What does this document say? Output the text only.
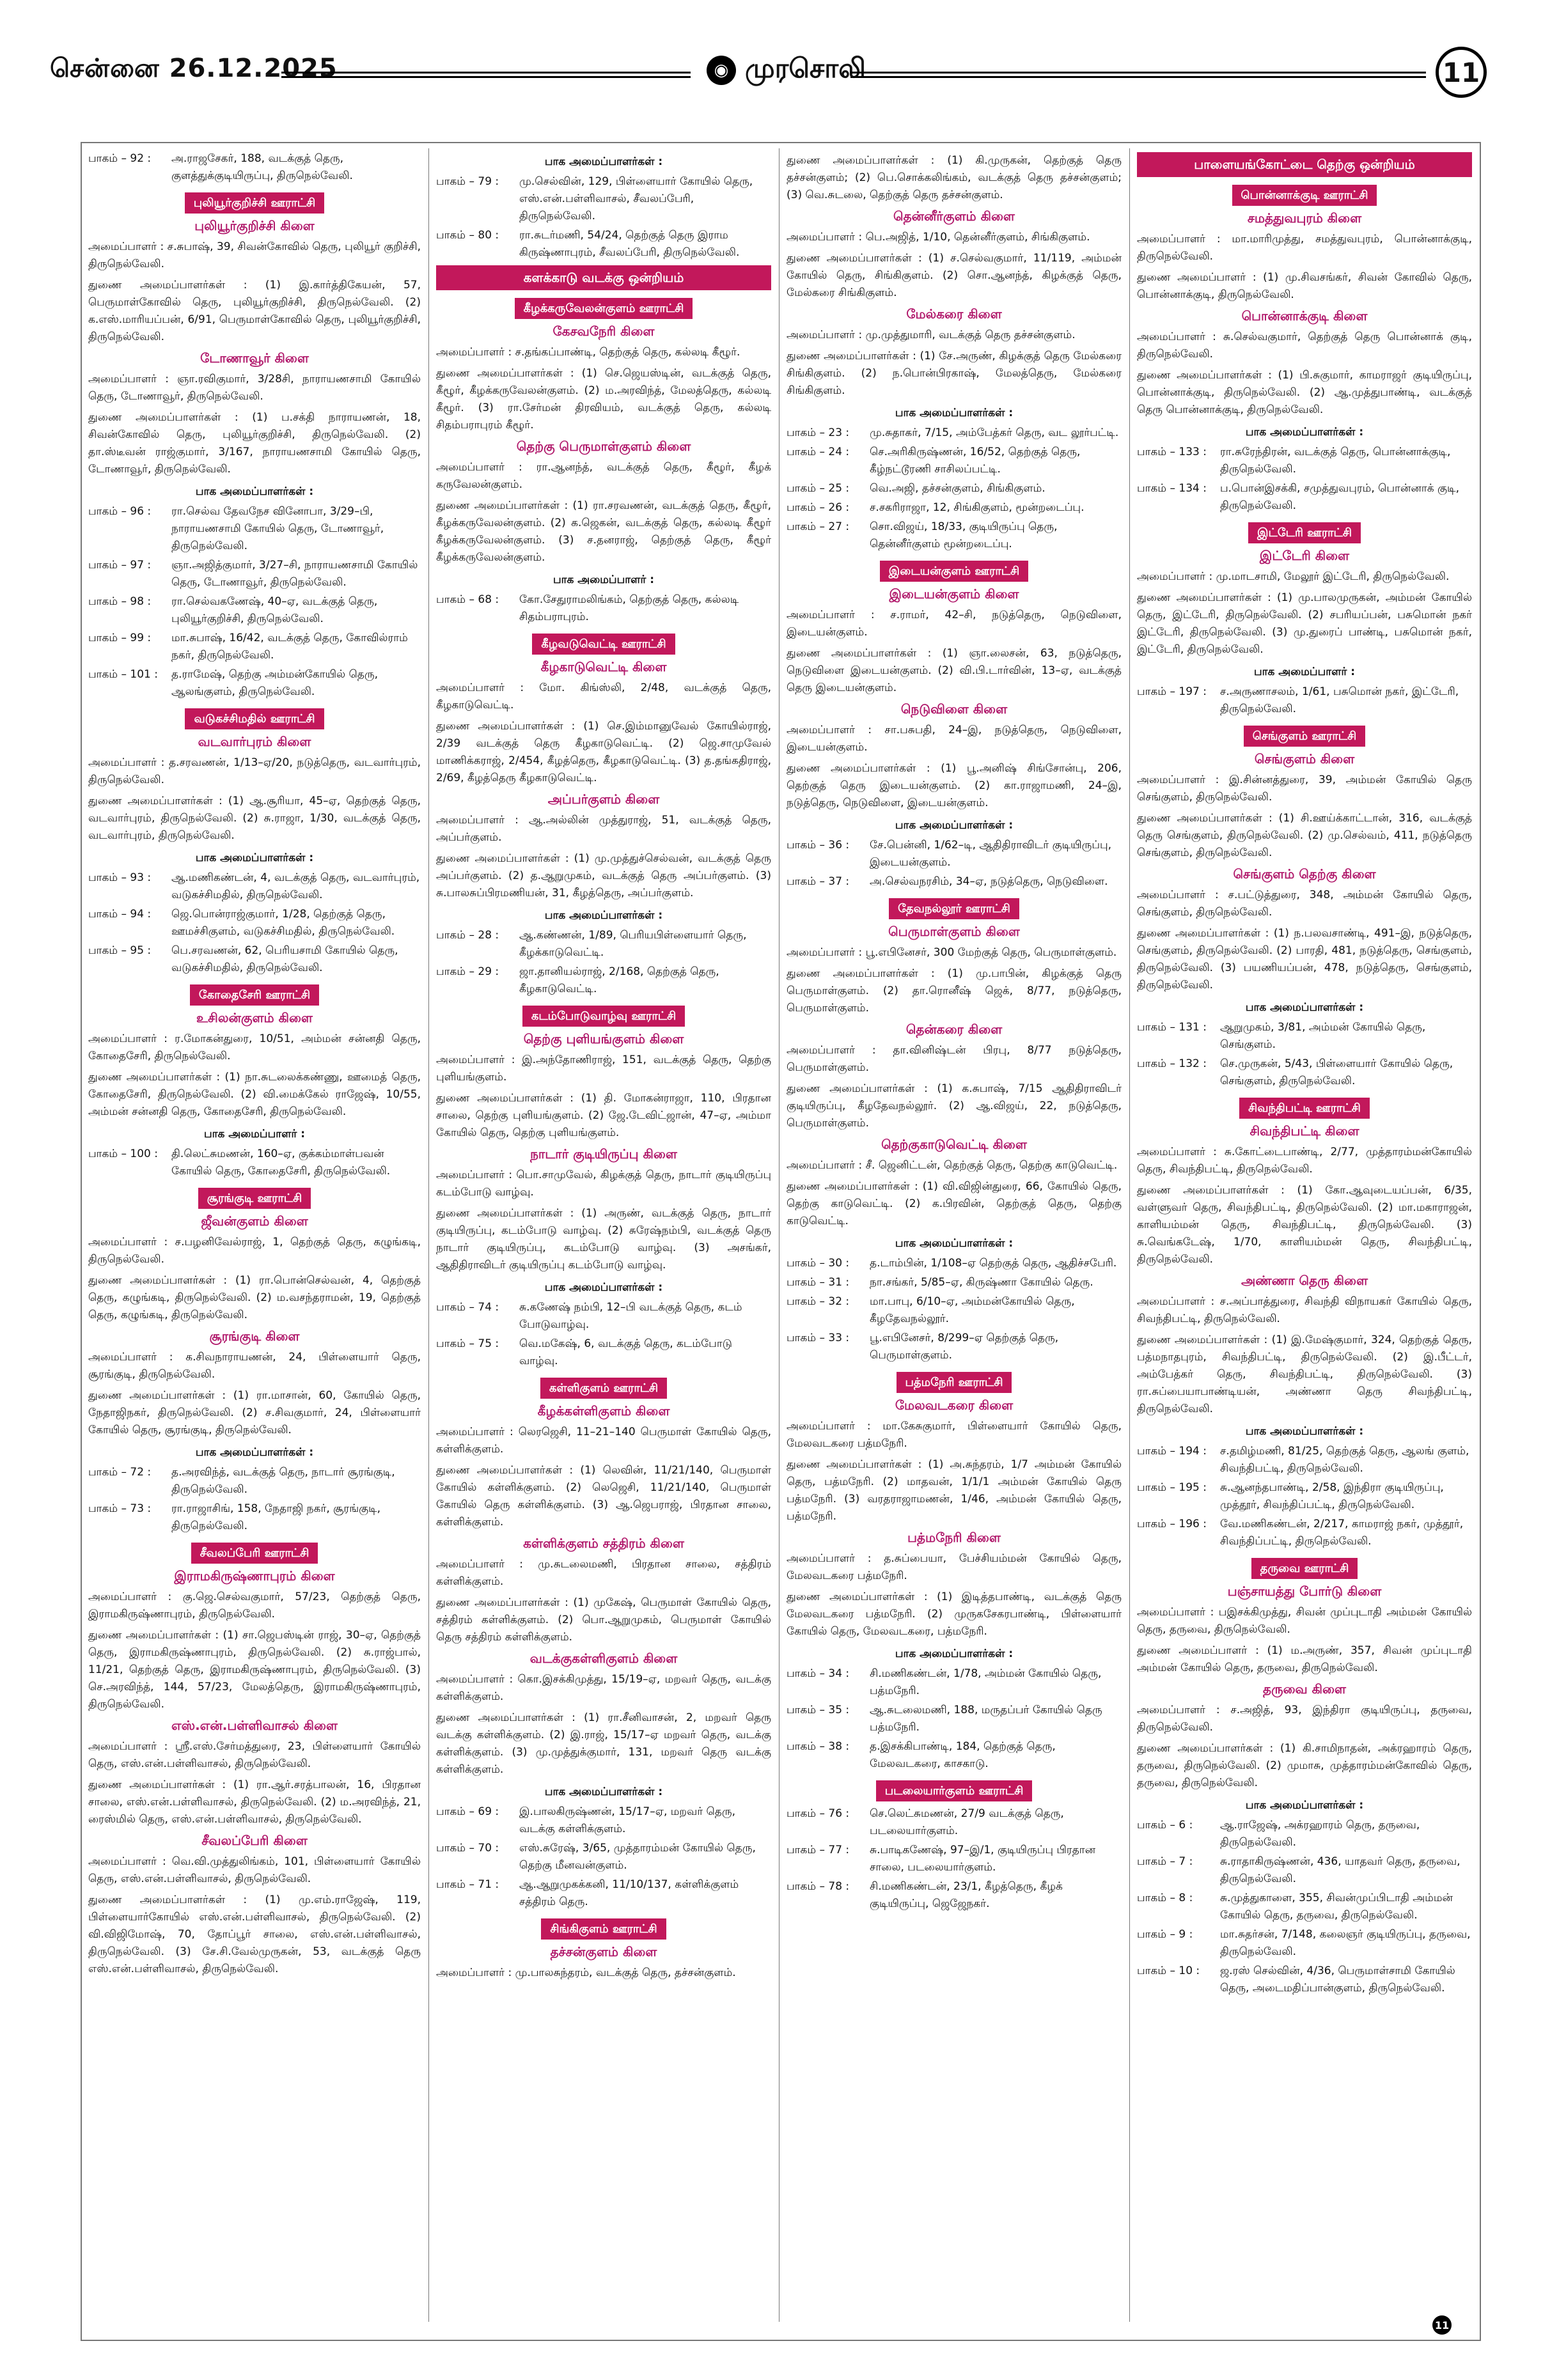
சென்னை 26.12.2025	◉ முரசொலி	11
பாகம் – 92 :	அ.ராஜசேகர், 188, வடக்குத் தெரு, குளத்துக்குடியிருப்பு, திருநெல்வேலி.
புலியூர்குறிச்சி ஊராட்சி
புலியூர்குறிச்சி கிளை
அமைப்பாளர் : ச.சுபாஷ், 39, சிவன்கோவில் தெரு, புலியூர் குறிச்சி, திருநெல்வேலி.
துணை அமைப்பாளர்கள் : (1) இ.கார்த்திகேயன், 57, பெருமாள்கோவில் தெரு, புலியூர்குறிச்சி, திருநெல்வேலி. (2) க.எஸ்.மாரியப்பன், 6/91, பெருமாள்கோவில் தெரு, புலியூர்குறிச்சி, திருநெல்வேலி.
டோணாவூர் கிளை
அமைப்பாளர் : ஞா.ரவிகுமார், 3/28சி, நாராயணசாமி கோயில் தெரு, டோணாவூர், திருநெல்வேலி.
துணை அமைப்பாளர்கள் : (1) ப.சக்தி நாராயணன், 18, சிவன்கோவில் தெரு, புலியூர்குறிச்சி, திருநெல்வேலி. (2) தா.ஸ்டீவன் ராஜ்குமார், 3/167, நாராயணசாமி கோயில் தெரு, டோணாவூர், திருநெல்வேலி.
பாக அமைப்பாளர்கள் :
பாகம் – 96 :	ரா.செல்வ தேவநேச வினோபா, 3/29–பி, நாராயணசாமி கோயில் தெரு, டோணாவூர், திருநெல்வேலி.
பாகம் – 97 :	ஞா.அஜித்குமார், 3/27–சி, நாராயணசாமி கோயில் தெரு, டோணாவூர், திருநெல்வேலி.
பாகம் – 98 :	ரா.செல்வகணேஷ், 40–ஏ, வடக்குத் தெரு, புலியூர்குறிச்சி, திருநெல்வேலி.
பாகம் – 99 :	மா.சுபாஷ், 16/42, வடக்குத் தெரு, கோவில்ராம் நகர், திருநெல்வேலி.
பாகம் – 101 :	த.ராமேஷ், தெற்கு அம்மன்கோயில் தெரு, ஆலங்குளம், திருநெல்வேலி.
வடுகச்சிமதில் ஊராட்சி
வடவார்புரம் கிளை
அமைப்பாளர் : த.சரவணன், 1/13–ஏ/20, நடுத்தெரு, வடவார்புரம், திருநெல்வேலி.
துணை அமைப்பாளர்கள் : (1) ஆ.சூரியா, 45–ஏ, தெற்குத் தெரு, வடவார்புரம், திருநெல்வேலி. (2) சு.ராஜா, 1/30, வடக்குத் தெரு, வடவார்புரம், திருநெல்வேலி.
பாக அமைப்பாளர்கள் :
பாகம் – 93 :	ஆ.மணிகண்டன், 4, வடக்குத் தெரு, வடவார்புரம், வடுகச்சிமதில், திருநெல்வேலி.
பாகம் – 94 :	ஜெ.பொன்ராஜ்குமார், 1/28, தெற்குத் தெரு, ஊமச்சிகுளம், வடுகச்சிமதில், திருநெல்வேலி.
பாகம் – 95 :	பெ.சரவணன், 62, பெரியசாமி கோயில் தெரு, வடுகச்சிமதில், திருநெல்வேலி.
கோதைசேரி ஊராட்சி
உசிலன்குளம் கிளை
அமைப்பாளர் : ர.மோகன்துரை, 10/51, அம்மன் சன்னதி தெரு, கோதைசேரி, திருநெல்வேலி.
துணை அமைப்பாளர்கள் : (1) நா.சுடலைக்கண்ணு, ஊமைத் தெரு, கோதைசேரி, திருநெல்வேலி. (2) வி.மைக்கேல் ராஜேஷ், 10/55, அம்மன் சன்னதி தெரு, கோதைசேரி, திருநெல்வேலி.
பாக அமைப்பாளர் :
பாகம் – 100 :	தி.லெட்சுமணன், 160–ஏ, குக்கம்மாள்பவன் கோயில் தெரு, கோதைசேரி, திருநெல்வேலி.
சூரங்குடி ஊராட்சி
ஜீவன்குளம் கிளை
அமைப்பாளர் : ச.பழனிவேல்ராஜ், 1, தெற்குத் தெரு, கழுங்கடி, திருநெல்வேலி.
துணை அமைப்பாளர்கள் : (1) ரா.பொன்செல்வன், 4, தெற்குத் தெரு, கழுங்கடி, திருநெல்வேலி. (2) ம.வசந்தராமன், 19, தெற்குத் தெரு, கழுங்கடி, திருநெல்வேலி.
சூரங்குடி கிளை
அமைப்பாளர் : க.சிவநாராயணன், 24, பிள்ளையார் தெரு, சூரங்குடி, திருநெல்வேலி.
துணை அமைப்பாளர்கள் : (1) ரா.மாசான், 60, கோயில் தெரு, நேதாஜிநகர், திருநெல்வேலி. (2) ச.சிவகுமார், 24, பிள்ளையார் கோயில் தெரு, சூரங்குடி, திருநெல்வேலி.
பாக அமைப்பாளர்கள் :
பாகம் – 72 :	த.அரவிந்த், வடக்குத் தெரு, நாடார் சூரங்குடி, திருநெல்வேலி.
பாகம் – 73 :	ரா.ராஜாசிங், 158, நேதாஜி நகர், சூரங்குடி, திருநெல்வேலி.
சீவலப்பேரி ஊராட்சி
இராமகிருஷ்ணாபுரம் கிளை
அமைப்பாளர் : கு.ஜெ.செல்வகுமார், 57/23, தெற்குத் தெரு, இராமகிருஷ்ணாபுரம், திருநெல்வேலி.
துணை அமைப்பாளர்கள் : (1) சா.ஜெபஸ்டின் ராஜ், 30–ஏ, தெற்குத் தெரு, இராமகிருஷ்ணாபுரம், திருநெல்வேலி. (2) சு.ராஜ்பால், 11/21, தெற்குத் தெரு, இராமகிருஷ்ணாபுரம், திருநெல்வேலி. (3) செ.அரவிந்த், 144, 57/23, மேலத்தெரு, இராமகிருஷ்ணாபுரம், திருநெல்வேலி.
எஸ்.என்.பள்ளிவாசல் கிளை
அமைப்பாளர் : ஸ்ரீ.எஸ்.சேர்மத்துரை, 23, பிள்ளையார் கோயில் தெரு, எஸ்.என்.பள்ளிவாசல், திருநெல்வேலி.
துணை அமைப்பாளர்கள் : (1) ரா.ஆர்.சரத்பாலன், 16, பிரதான சாலை, எஸ்.என்.பள்ளிவாசல், திருநெல்வேலி. (2) ம.அரவிந்த், 21, ரைஸ்மில் தெரு, எஸ்.என்.பள்ளிவாசல், திருநெல்வேலி.
சீவலப்பேரி கிளை
அமைப்பாளர் : வெ.வி.முத்துலிங்கம், 101, பிள்ளையார் கோயில் தெரு, எஸ்.என்.பள்ளிவாசல், திருநெல்வேலி.
துணை அமைப்பாளர்கள் : (1) மு.எம்.ராஜேஷ், 119, பிள்ளையார்கோயில் எஸ்.என்.பள்ளிவாசல், திருநெல்வேலி. (2) வி.விஜிமோஷ், 70, தோப்பூர் சாலை, எஸ்.என்.பள்ளிவாசல், திருநெல்வேலி. (3) சே.சி.வேல்முருகன், 53, வடக்குத் தெரு எஸ்.என்.பள்ளிவாசல், திருநெல்வேலி.
பாக அமைப்பாளர்கள் :
பாகம் – 79 :	மு.செல்வின், 129, பிள்ளையார் கோயில் தெரு, எஸ்.என்.பள்ளிவாசல், சீவலப்பேரி, திருநெல்வேலி.
பாகம் – 80 :	ரா.சுடர்மணி, 54/24, தெற்குத் தெரு இராம கிருஷ்ணாபுரம், சீவலப்பேரி, திருநெல்வேலி.
களக்காடு வடக்கு ஒன்றியம்
கீழக்கருவேலன்குளம் ஊராட்சி
கேசவநேரி கிளை
அமைப்பாளர் : ச.தங்கப்பாண்டி, தெற்குத் தெரு, கல்லடி கீழூர்.
துணை அமைப்பாளர்கள் : (1) செ.ஜெயஸ்டின், வடக்குத் தெரு, கீழூர், கீழக்கருவேலன்குளம். (2) ம.அரவிந்த், மேலத்தெரு, கல்லடி கீழூர். (3) ரா.சேர்மன் திரவியம், வடக்குத் தெரு, கல்லடி சிதம்பராபுரம் கீழூர்.
தெற்கு பெருமாள்குளம் கிளை
அமைப்பாளர் : ரா.ஆனந்த், வடக்குத் தெரு, கீழூர், கீழக் கருவேலன்குளம்.
துணை அமைப்பாளர்கள் : (1) ரா.சரவணன், வடக்குத் தெரு, கீழூர், கீழக்கருவேலன்குளம். (2) க.ஜெகன், வடக்குத் தெரு, கல்லடி கீழூர் கீழக்கருவேலன்குளம். (3) ச.தனராஜ், தெற்குத் தெரு, கீழூர் கீழக்கருவேலன்குளம்.
பாக அமைப்பாளர் :
பாகம் – 68 :	கோ.சேதுராமலிங்கம், தெற்குத் தெரு, கல்லடி சிதம்பராபுரம்.
கீழவடுவெட்டி ஊராட்சி
கீழகாடுவெட்டி கிளை
அமைப்பாளர் : மோ. கிங்ஸ்லி, 2/48, வடக்குத் தெரு, கீழகாடுவெட்டி.
துணை அமைப்பாளர்கள் : (1) செ.இம்மானுவேல் கோயில்ராஜ், 2/39 வடக்குத் தெரு கீழகாடுவெட்டி. (2) ஜெ.சாமுவேல் மாணிக்கராஜ், 2/454, கீழத்தெரு, கீழகாடுவெட்டி. (3) த.தங்கதிராஜ், 2/69, கீழத்தெரு கீழகாடுவெட்டி.
அப்பர்குளம் கிளை
அமைப்பாளர் : ஆ.அல்லின் முத்துராஜ், 51, வடக்குத் தெரு, அப்பர்குளம்.
துணை அமைப்பாளர்கள் : (1) மு.முத்துச்செல்வன், வடக்குத் தெரு அப்பர்குளம். (2) த.ஆறுமுகம், வடக்குத் தெரு அப்பர்குளம். (3) சு.பாலசுப்பிரமணியன், 31, கீழத்தெரு, அப்பர்குளம்.
பாக அமைப்பாளர்கள் :
பாகம் – 28 :	ஆ.கண்ணன், 1/89, பெரியபிள்ளையார் தெரு, கீழக்காடுவெட்டி.
பாகம் – 29 :	ஜா.தானியல்ராஜ், 2/168, தெற்குத் தெரு, கீழகாடுவெட்டி.
கடம்போடுவாழ்வு ஊராட்சி
தெற்கு புளியங்குளம் கிளை
அமைப்பாளர் : இ.அந்தோணிராஜ், 151, வடக்குத் தெரு, தெற்கு புளியங்குளம்.
துணை அமைப்பாளர்கள் : (1) தி. மோகன்ராஜா, 110, பிரதான சாலை, தெற்கு புளியங்குளம். (2) ஜே.டேவிட்ஜான், 47–ஏ, அம்மா கோயில் தெரு, தெற்கு புளியங்குளம்.
நாடார் குடியிருப்பு கிளை
அமைப்பாளர் : பொ.சாமுவேல், கிழக்குத் தெரு, நாடார் குடியிருப்பு கடம்போடு வாழ்வு.
துணை அமைப்பாளர்கள் : (1) அருண், வடக்குத் தெரு, நாடார் குடியிருப்பு, கடம்போடு வாழ்வு. (2) சுரேஷ்நம்பி, வடக்குத் தெரு நாடார் குடியிருப்பு, கடம்போடு வாழ்வு. (3) அசங்கர், ஆதிதிராவிடர் குடியிருப்பு கடம்போடு வாழ்வு.
பாக அமைப்பாளர்கள் :
பாகம் – 74 :	சு.கணேஷ் நம்பி, 12–பி வடக்குத் தெரு, கடம் போடுவாழ்வு.
பாகம் – 75 :	வெ.மகேஷ், 6, வடக்குத் தெரு, கடம்போடு வாழ்வு.
கள்ளிகுளம் ஊராட்சி
கீழக்கள்ளிகுளம் கிளை
அமைப்பாளர் : லெரஜெசி, 11–21–140 பெருமாள் கோயில் தெரு, கள்ளிக்குளம்.
துணை அமைப்பாளர்கள் : (1) லெவின், 11/21/140, பெருமாள் கோயில் கள்ளிக்குளம். (2) லெஜெசி, 11/21/140, பெருமாள் கோயில் தெரு கள்ளிக்குளம். (3) ஆ.ஜெபராஜ், பிரதான சாலை, கள்ளிக்குளம்.
கள்ளிக்குளம் சத்திரம் கிளை
அமைப்பாளர் : மு.சுடலைமணி, பிரதான சாலை, சத்திரம் கள்ளிக்குளம்.
துணை அமைப்பாளர்கள் : (1) முகேஷ், பெருமாள் கோயில் தெரு, சத்திரம் கள்ளிக்குளம். (2) பொ.ஆறுமுகம், பெருமாள் கோயில் தெரு சத்திரம் கள்ளிக்குளம்.
வடக்குகள்ளிகுளம் கிளை
அமைப்பாளர் : கொ.இசக்கிமுத்து, 15/19–ஏ, மறவர் தெரு, வடக்கு கள்ளிக்குளம்.
துணை அமைப்பாளர்கள் : (1) ரா.சீனிவாசன், 2, மறவர் தெரு வடக்கு கள்ளிக்குளம். (2) இ.ராஜ், 15/17–ஏ மறவர் தெரு, வடக்கு கள்ளிக்குளம். (3) மு.முத்துக்குமார், 131, மறவர் தெரு வடக்கு கள்ளிக்குளம்.
பாக அமைப்பாளர்கள் :
பாகம் – 69 :	இ.பாலகிருஷ்ணன், 15/17–ஏ, மறவர் தெரு, வடக்கு கள்ளிக்குளம்.
பாகம் – 70 :	எஸ்.சுரேஷ், 3/65, முத்தாரம்மன் கோயில் தெரு, தெற்கு மீனவன்குளம்.
பாகம் – 71 :	ஆ.ஆறுமுகக்கனி, 11/10/137, கள்ளிக்குளம் சத்திரம் தெரு.
சிங்கிகுளம் ஊராட்சி
தச்சன்குளம் கிளை
அமைப்பாளர் : மு.பாலசுந்தரம், வடக்குத் தெரு, தச்சன்குளம்.
துணை அமைப்பாளர்கள் : (1) கி.முருகன், தெற்குத் தெரு தச்சன்குளம்; (2) பெ.சொக்கலிங்கம், வடக்குத் தெரு தச்சன்குளம்; (3) வெ.சுடலை, தெற்குத் தெரு தச்சன்குளம்.
தென்னீர்குளம் கிளை
அமைப்பாளர் : பெ.அஜித், 1/10, தென்னீர்குளம், சிங்கிகுளம்.
துணை அமைப்பாளர்கள் : (1) ச.செல்வகுமார், 11/119, அம்மன் கோயில் தெரு, சிங்கிகுளம். (2) சொ.ஆனந்த், கிழக்குத் தெரு, மேல்கரை சிங்கிகுளம்.
மேல்கரை கிளை
அமைப்பாளர் : மு.முத்துமாரி, வடக்குத் தெரு தச்சன்குளம்.
துணை அமைப்பாளர்கள் : (1) சே.அருண், கிழக்குத் தெரு மேல்கரை சிங்கிகுளம். (2) ந.பொன்பிரகாஷ், மேலத்தெரு, மேல்கரை சிங்கிகுளம்.
பாக அமைப்பாளர்கள் :
பாகம் – 23 :	மு.சுதாகர், 7/15, அம்பேத்கர் தெரு, வட லூர்பட்டி.
பாகம் – 24 :	செ.அரிகிருஷ்ணன், 16/52, தெற்குத் தெரு, கீழ்நட்டூரணி சாசிலப்பட்டி.
பாகம் – 25 :	வெ.அஜி, தச்சன்குளம், சிங்கிகுளம்.
பாகம் – 26 :	ச.சகரிராஜா, 12, சிங்கிகுளம், மூன்றடைப்பு.
பாகம் – 27 :	சொ.விஜய், 18/33, குடியிருப்பு தெரு, தென்னீர்குளம் மூன்றடைப்பு.
இடையன்குளம் ஊராட்சி
இடையன்குளம் கிளை
அமைப்பாளர் : ச.ராமர், 42–சி, நடுத்தெரு, நெடுவிளை, இடையன்குளம்.
துணை அமைப்பாளர்கள் : (1) ஞா.லைசன், 63, நடுத்தெரு, நெடுவிளை இடையன்குளம். (2) வி.பி.டார்வின், 13–ஏ, வடக்குத் தெரு இடையன்குளம்.
நெடுவிளை கிளை
அமைப்பாளர் : சா.பசுபதி, 24–இ, நடுத்தெரு, நெடுவிளை, இடையன்குளம்.
துணை அமைப்பாளர்கள் : (1) பூ.அனிஷ் சிங்சோன்பு, 206, தெற்குத் தெரு இடையன்குளம். (2) கா.ராஜாமணி, 24–இ, நடுத்தெரு, நெடுவிளை, இடையன்குளம்.
பாக அமைப்பாளர்கள் :
பாகம் – 36 :	சே.பென்னி, 1/62–டி, ஆதிதிராவிடர் குடியிருப்பு, இடையன்குளம்.
பாகம் – 37 :	அ.செல்வநரசிம், 34–ஏ, நடுத்தெரு, நெடுவிளை.
தேவநல்லூர் ஊராட்சி
பெருமாள்குளம் கிளை
அமைப்பாளர் : பூ.எபினேசர், 300 மேற்குத் தெரு, பெருமாள்குளம்.
துணை அமைப்பாளர்கள் : (1) மு.பாபின், கிழக்குத் தெரு பெருமாள்குளம். (2) தா.ரொனீஷ் ஜெக், 8/77, நடுத்தெரு, பெருமாள்குளம்.
தென்கரை கிளை
அமைப்பாளர் : தா.வினிஷ்டன் பிரபு, 8/77 நடுத்தெரு, பெருமாள்குளம்.
துணை அமைப்பாளர்கள் : (1) க.சுபாஷ், 7/15 ஆதிதிராவிடர் குடியிருப்பு, கீழதேவநல்லூர். (2) ஆ.விஜய், 22, நடுத்தெரு, பெருமாள்குளம்.
தெற்குகாடுவெட்டி கிளை
அமைப்பாளர் : சீ. ஜெனிட்டன், தெற்குத் தெரு, தெற்கு காடுவெட்டி.
துணை அமைப்பாளர்கள் : (1) வி.விஜின்துரை, 66, கோயில் தெரு, தெற்கு காடுவெட்டி. (2) க.பிரவின், தெற்குத் தெரு, தெற்கு காடுவெட்டி.
பாக அமைப்பாளர்கள் :
பாகம் – 30 :	த.டாம்பின், 1/108–ஏ தெற்குத் தெரு, ஆதிச்சபேரி.
பாகம் – 31 :	நா.சங்கர், 5/85–ஏ, கிருஷ்ணா கோயில் தெரு.
பாகம் – 32 :	மா.பாபு, 6/10–ஏ, அம்மன்கோயில் தெரு, கீழதேவநல்லூர்.
பாகம் – 33 :	பூ.எபினேசர், 8/299–ஏ தெற்குத் தெரு, பெருமாள்குளம்.
பத்மநேரி ஊராட்சி
மேலவடகரை கிளை
அமைப்பாளர் : மா.கேசுகுமார், பிள்ளையார் கோயில் தெரு, மேலவடகரை பத்மநேரி.
துணை அமைப்பாளர்கள் : (1) அ.சுந்தரம், 1/7 அம்மன் கோயில் தெரு, பத்மநேரி. (2) மாதவன், 1/1/1 அம்மன் கோயில் தெரு பத்மநேரி. (3) வரதராஜாமணன், 1/46, அம்மன் கோயில் தெரு, பத்மநேரி.
பத்மநேரி கிளை
அமைப்பாளர் : த.சுப்பையா, பேச்சியம்மன் கோயில் தெரு, மேலவடகரை பத்மநேரி.
துணை அமைப்பாளர்கள் : (1) இடித்தபாண்டி, வடக்குத் தெரு மேலவடகரை பத்மநேரி. (2) முருகசேகரபாண்டி, பிள்ளையார் கோயில் தெரு, மேலவடகரை, பத்மநேரி.
பாக அமைப்பாளர்கள் :
பாகம் – 34 :	சி.மணிகண்டன், 1/78, அம்மன் கோயில் தெரு, பத்மநேரி.
பாகம் – 35 :	ஆ.சுடலைமணி, 188, மருதப்பர் கோயில் தெரு பத்மநேரி.
பாகம் – 38 :	த.இசக்கிபாண்டி, 184, தெற்குத் தெரு, மேலவடகரை, காசகாடு.
படலையார்குளம் ஊராட்சி
பாகம் – 76 :	செ.லெட்சுமணன், 27/9 வடக்குத் தெரு, படலையார்குளம்.
பாகம் – 77 :	சு.பாடிகணேஷ், 97–இ/1, குடியிருப்பு பிரதான சாலை, படலையார்குளம்.
பாகம் – 78 :	சி.மணிகண்டன், 23/1, கீழத்தெரு, கீழக் குடியிருப்பு, ஜெஜேநகர்.
பாளையங்கோட்டை தெற்கு ஒன்றியம்
பொன்னாக்குடி ஊராட்சி
சமத்துவபுரம் கிளை
அமைப்பாளர் : மா.மாரிமுத்து, சமத்துவபுரம், பொன்னாக்குடி, திருநெல்வேலி.
துணை அமைப்பாளர் : (1) மு.சிவசங்கர், சிவன் கோவில் தெரு, பொன்னாக்குடி, திருநெல்வேலி.
பொன்னாக்குடி கிளை
அமைப்பாளர் : சு.செல்வகுமார், தெற்குத் தெரு பொன்னாக் குடி, திருநெல்வேலி.
துணை அமைப்பாளர்கள் : (1) பி.சுகுமார், காமராஜர் குடியிருப்பு, பொன்னாக்குடி, திருநெல்வேலி. (2) ஆ.முத்துபாண்டி, வடக்குத் தெரு பொன்னாக்குடி, திருநெல்வேலி.
பாக அமைப்பாளர்கள் :
பாகம் – 133 :	ரா.சுரேந்திரன், வடக்குத் தெரு, பொன்னாக்குடி, திருநெல்வேலி.
பாகம் – 134 :	ப.பொன்இசக்கி, சமுத்துவபுரம், பொன்னாக் குடி, திருநெல்வேலி.
இட்டேரி ஊராட்சி
இட்டேரி கிளை
அமைப்பாளர் : மு.மாடசாமி, மேலூர் இட்டேரி, திருநெல்வேலி.
துணை அமைப்பாளர்கள் : (1) மு.பாலமுருகன், அம்மன் கோயில் தெரு, இட்டேரி, திருநெல்வேலி. (2) சபரியப்பன், பசுமொன் நகர் இட்டேரி, திருநெல்வேலி. (3) மு.துரைப் பாண்டி, பசுமொன் நகர், இட்டேரி, திருநெல்வேலி.
பாக அமைப்பாளர் :
பாகம் – 197 :	ச.அருணாசலம், 1/61, பசுமொன் நகர், இட்டேரி, திருநெல்வேலி.
செங்குளம் ஊராட்சி
செங்குளம் கிளை
அமைப்பாளர் : இ.சின்னத்துரை, 39, அம்மன் கோயில் தெரு செங்குளம், திருநெல்வேலி.
துணை அமைப்பாளர்கள் : (1) சி.ஊய்க்காட்டான், 316, வடக்குத் தெரு செங்குளம், திருநெல்வேலி. (2) மு.செல்வம், 411, நடுத்தெரு செங்குளம், திருநெல்வேலி.
செங்குளம் தெற்கு கிளை
அமைப்பாளர் : ச.பட்டுத்துரை, 348, அம்மன் கோயில் தெரு, செங்குளம், திருநெல்வேலி.
துணை அமைப்பாளர்கள் : (1) ந.பலவசாண்டி, 491–இ, நடுத்தெரு, செங்குளம், திருநெல்வேலி. (2) பாரதி, 481, நடுத்தெரு, செங்குளம், திருநெல்வேலி. (3) பயணியப்பன், 478, நடுத்தெரு, செங்குளம், திருநெல்வேலி.
பாக அமைப்பாளர்கள் :
பாகம் – 131 :	ஆறுமுகம், 3/81, அம்மன் கோயில் தெரு, செங்குளம்.
பாகம் – 132 :	செ.முருகன், 5/43, பிள்ளையார் கோயில் தெரு, செங்குளம், திருநெல்வேலி.
சிவந்திபட்டி ஊராட்சி
சிவந்திபட்டி கிளை
அமைப்பாளர் : சு.கோட்டைபாண்டி, 2/77, முத்தாரம்மன்கோயில் தெரு, சிவந்திபட்டி, திருநெல்வேலி.
துணை அமைப்பாளர்கள் : (1) கோ.ஆவுடையப்பன், 6/35, வள்ளுவர் தெரு, சிவந்திபட்டி, திருநெல்வேலி. (2) மா.மகாராஜன், காளியம்மன் தெரு, சிவந்திபட்டி, திருநெல்வேலி. (3) சு.வெங்கடேஷ், 1/70, காளியம்மன் தெரு, சிவந்திபட்டி, திருநெல்வேலி.
அண்ணா தெரு கிளை
அமைப்பாளர் : ச.அப்பாத்துரை, சிவந்தி விநாயகர் கோயில் தெரு, சிவந்திபட்டி, திருநெல்வேலி.
துணை அமைப்பாளர்கள் : (1) இ.மேஷ்குமார், 324, தெற்குத் தெரு, பத்மநாதபுரம், சிவந்திபட்டி, திருநெல்வேலி. (2) இ.பீட்டர், அம்பேத்கர் தெரு, சிவந்திபட்டி, திருநெல்வேலி. (3) ரா.சுப்பையாபாண்டியன், அண்ணா தெரு சிவந்திபட்டி, திருநெல்வேலி.
பாக அமைப்பாளர்கள் :
பாகம் – 194 :	ச.தமிழ்மணி, 81/25, தெற்குத் தெரு, ஆலங் குளம், சிவந்திபட்டி, திருநெல்வேலி.
பாகம் – 195 :	சு.ஆனந்தபாண்டி, 2/58, இந்திரா குடியிருப்பு, முத்தூர், சிவந்திப்பட்டி, திருநெல்வேலி.
பாகம் – 196 :	வே.மணிகண்டன், 2/217, காமராஜ் நகர், முத்தூர், சிவந்திப்பட்டி, திருநெல்வேலி.
தருவை ஊராட்சி
பஞ்சாயத்து போர்டு கிளை
அமைப்பாளர் : பஇசக்கிமுத்து, சிவன் முப்புடாதி அம்மன் கோயில் தெரு, தருவை, திருநெல்வேலி.
துணை அமைப்பாளர் : (1) ம.அருண், 357, சிவன் முப்புடாதி அம்மன் கோயில் தெரு, தருவை, திருநெல்வேலி.
தருவை கிளை
அமைப்பாளர் : ச.அஜித், 93, இந்திரா குடியிருப்பு, தருவை, திருநெல்வேலி.
துணை அமைப்பாளர்கள் : (1) கி.சாமிநாதன், அக்ரஹாரம் தெரு, தருவை, திருநெல்வேலி. (2) முமாசு, முத்தாரம்மன்கோவில் தெரு, தருவை, திருநெல்வேலி.
பாக அமைப்பாளர்கள் :
பாகம் – 6 :	ஆ.ராஜேஷ், அக்ரஹாரம் தெரு, தருவை, திருநெல்வேலி.
பாகம் – 7 :	சு.ராதாகிருஷ்ணன், 436, யாதவர் தெரு, தருவை, திருநெல்வேலி.
பாகம் – 8 :	சு.முத்துகாளை, 355, சிவன்முப்பிடாதி அம்மன் கோயில் தெரு, தருவை, திருநெல்வேலி.
பாகம் – 9 :	மா.சுதர்சன், 7/148, கலைஞர் குடியிருப்பு, தருவை, திருநெல்வேலி.
பாகம் – 10 :	ஜ.ரஸ் செல்வின், 4/36, பெருமாள்சாமி கோயில் தெரு, அடைமதிப்பான்குளம், திருநெல்வேலி.
11
